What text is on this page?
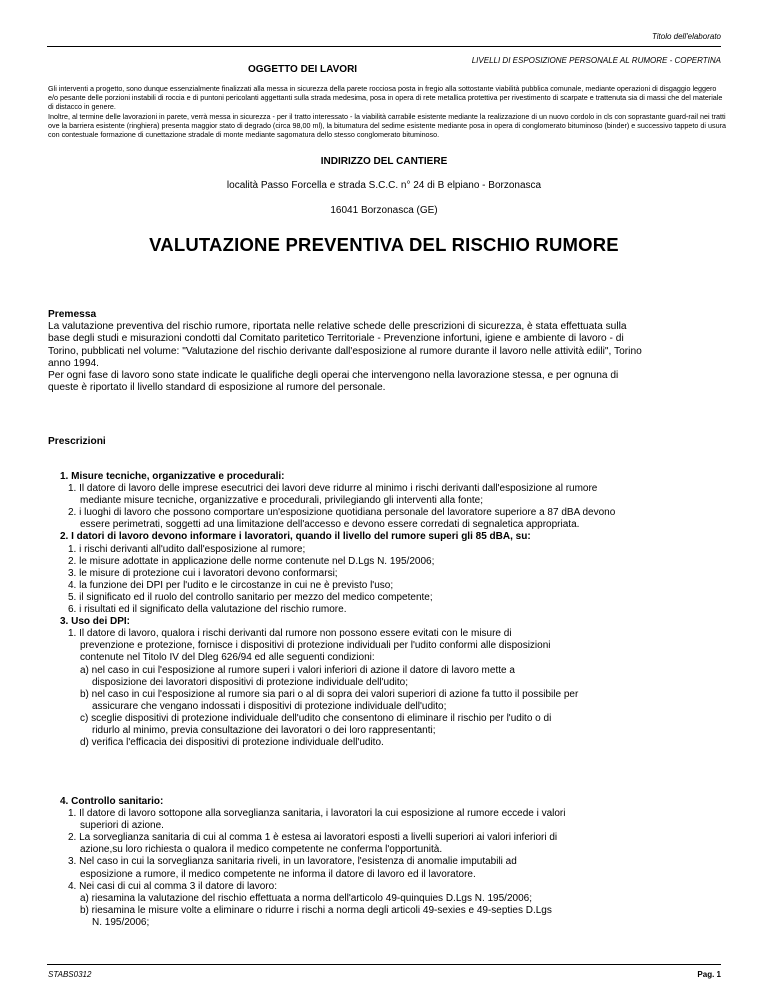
Titolo dell'elaborato
LIVELLI DI ESPOSIZIONE PERSONALE AL RUMORE - COPERTINA
OGGETTO DEI LAVORI

Gli interventi a progetto, sono dunque essenzialmente finalizzati alla messa in sicurezza della parete rocciosa posta in fregio alla sottostante viabilità pubblica comunale, mediante operazioni di disgaggio leggero e/o pesante delle porzioni instabili di roccia e di puntoni pericolanti aggettanti sulla strada medesima, posa in opera di rete metallica protettiva per rivestimento di scarpate e trattenuta sia di massi che del materiale di distacco in genere.

Inoltre, al termine delle lavorazioni in parete, verrà messa in sicurezza - per il tratto interessato - la viabilità carrabile esistente mediante la realizzazione di un nuovo cordolo in cls con soprastante guard-rail nei tratti ove la barriera esistente (ringhiera) presenta maggior stato di degrado (circa 98,00 ml), la bitumatura del sedime esistente mediante posa in opera di conglomerato bituminoso (binder) e successivo tappeto di usura con contestuale formazione di cunettazione stradale di monte mediante sagomatura dello stesso conglomerato bituminoso.

INDIRIZZO DEL CANTIERE
località Passo Forcella e strada S.C.C. n° 24 di B elpiano - Borzonasca
16041 Borzonasca (GE)
VALUTAZIONE PREVENTIVA DEL RISCHIO RUMORE

Premessa

La valutazione preventiva del rischio rumore, riportata nelle relative schede delle prescrizioni di sicurezza, è stata effettuata sulla
base degli studi e misurazioni condotti dal Comitato paritetico Territoriale - Prevenzione infortuni, igiene e ambiente di lavoro - di
Torino, pubblicati nel volume: "Valutazione del rischio derivante dall'esposizione al rumore durante il lavoro nelle attività edili", Torino
anno 1994.

Per ogni fase di lavoro sono state indicate le qualifiche degli operai che intervengono nella lavorazione stessa, e per ognuna di
queste è riportato il livello standard di esposizione al rumore del personale.

Prescrizioni
1. Misure tecniche, organizzative e procedurali:
1. Il datore di lavoro delle imprese esecutrici dei lavori deve ridurre al minimo i rischi derivanti dall'esposizione al rumore
mediante misure tecniche, organizzative e procedurali, privilegiando gli interventi alla fonte;
2. i luoghi di lavoro che possono comportare un'esposizione quotidiana personale del lavoratore superiore a 87 dBA devono
essere perimetrati, soggetti ad una limitazione dell'accesso e devono essere corredati di segnaletica appropriata.
2. I datori di lavoro devono informare i lavoratori, quando il livello del rumore superi gli 85 dBA, su:
1. i rischi derivanti all'udito dall'esposizione al rumore;
2. le misure adottate in applicazione delle norme contenute nel D.Lgs N. 195/2006;
3. le misure di protezione cui i lavoratori devono conformarsi;
4. la funzione dei DPI per l'udito e le circostanze in cui ne è previsto l'uso;
5. il significato ed il ruolo del controllo sanitario per mezzo del medico competente;
6. i risultati ed il significato della valutazione del rischio rumore.
3. Uso dei DPI:
1. Il datore di lavoro, qualora i rischi derivanti dal rumore non possono essere evitati con le misure di
prevenzione e protezione, fornisce i dispositivi di protezione individuali per l'udito conformi alle disposizioni
contenute nel Titolo IV del Dleg 626/94 ed alle seguenti condizioni:
a) nel caso in cui l'esposizione al rumore superi i valori inferiori di azione il datore di lavoro mette a
disposizione dei lavoratori dispositivi di protezione individuale dell'udito;
b) nel caso in cui l'esposizione al rumore sia pari o al di sopra dei valori superiori di azione fa tutto il possibile per
assicurare che vengano indossati i dispositivi di protezione individuale dell'udito;
c) sceglie dispositivi di protezione individuale dell'udito che consentono di eliminare il rischio per l'udito o di
ridurlo al minimo, previa consultazione dei lavoratori o dei loro rappresentanti;
d) verifica l'efficacia dei dispositivi di protezione individuale dell'udito.
4. Controllo sanitario:
1. Il datore di lavoro sottopone alla sorveglianza sanitaria, i lavoratori la cui esposizione al rumore eccede i valori
superiori di azione.
2. La sorveglianza sanitaria di cui al comma 1 è estesa ai lavoratori esposti a livelli superiori ai valori inferiori di
azione,su loro richiesta o qualora il medico competente ne conferma l'opportunità.
3. Nel caso in cui la sorveglianza sanitaria riveli, in un lavoratore, l'esistenza di anomalie imputabili ad
esposizione a rumore, il medico competente ne informa il datore di lavoro ed il lavoratore.
4. Nei casi di cui al comma 3 il datore di lavoro:
a) riesamina la valutazione del rischio effettuata a norma dell'articolo 49-quinquies D.Lgs N. 195/2006;
b) riesamina le misure volte a eliminare o ridurre i rischi a norma degli articoli 49-sexies e 49-septies D.Lgs
N. 195/2006;
STABS0312	Pag. 1
